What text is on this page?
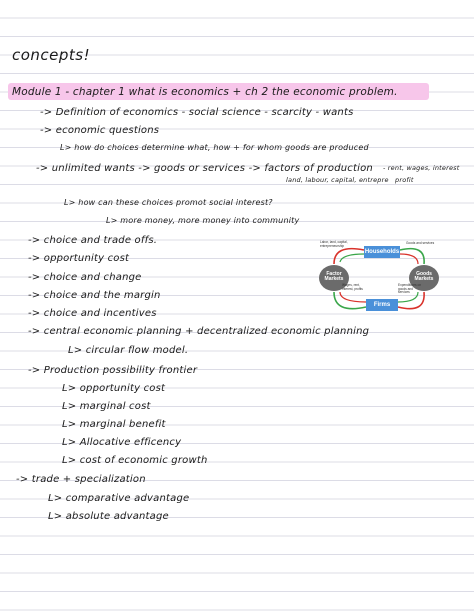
concepts!
Module 1 - chapter 1 what is economics + ch 2 the economic problem.
-> Definition of economics - social science - scarcity - wants
-> economic questions
L> how do choices determine what, how + for whom goods are produced
-> unlimited wants -> goods or services -> factors of production - rent, wages, interest
land, labour, capital, entrepre profit
L> how can these choices promot social interest?
L> more money, more money into community
-> choice and trade offs.
-> opportunity cost
-> choice and change
-> choice and the margin
-> choice and incentives
-> central economic planning + decentralized economic planning
L> circular flow model.
-> Production possibility frontier
L> opportunity cost
L> marginal cost
L> marginal benefit
L> Allocative efficency
L> cost of economic growth
-> trade + specialization
L> comparative advantage
L> absolute advantage
Households
Firms
Factor Markets
Goods Markets
Labor, land, capital, entrepreneurship
Goods and services
Wages, rent, interest, profits
Expenditures on goods and services
